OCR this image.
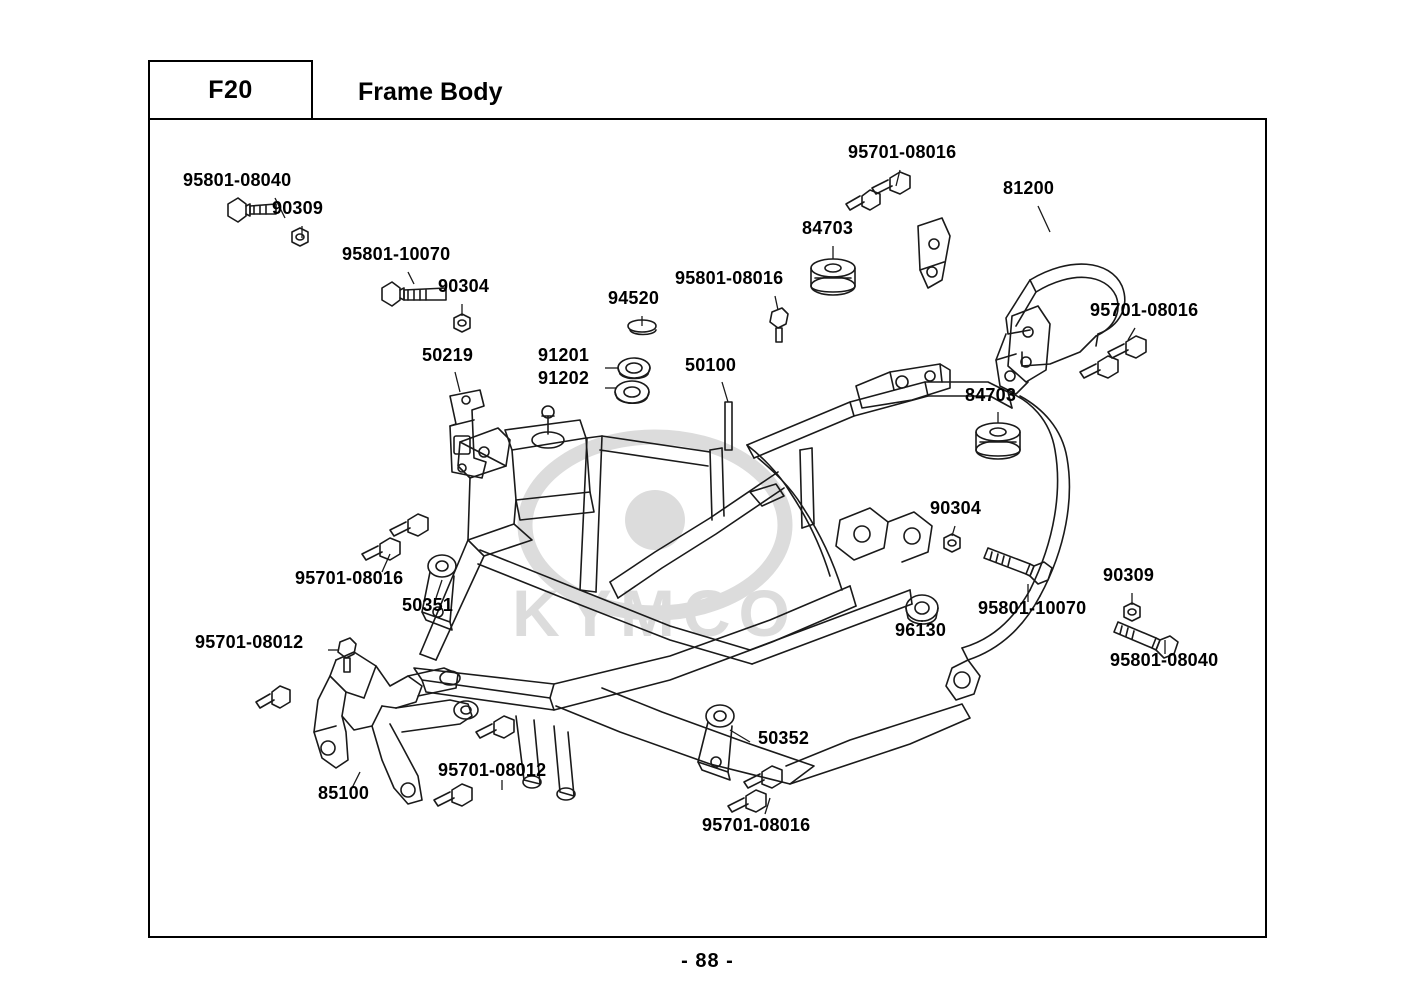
F20	Frame Body
KYMCO
95801-08040
90309
95801-10070
90304
50219	91201
91202
94520
50100
95801-08016
84703
95701-08016
81200
95701-08016
84703
90304
95801-10070
90309
95801-08040
96130
95701-08016
50351
95701-08012
85100
95701-08012
50352
95701-08016
- 88 -
